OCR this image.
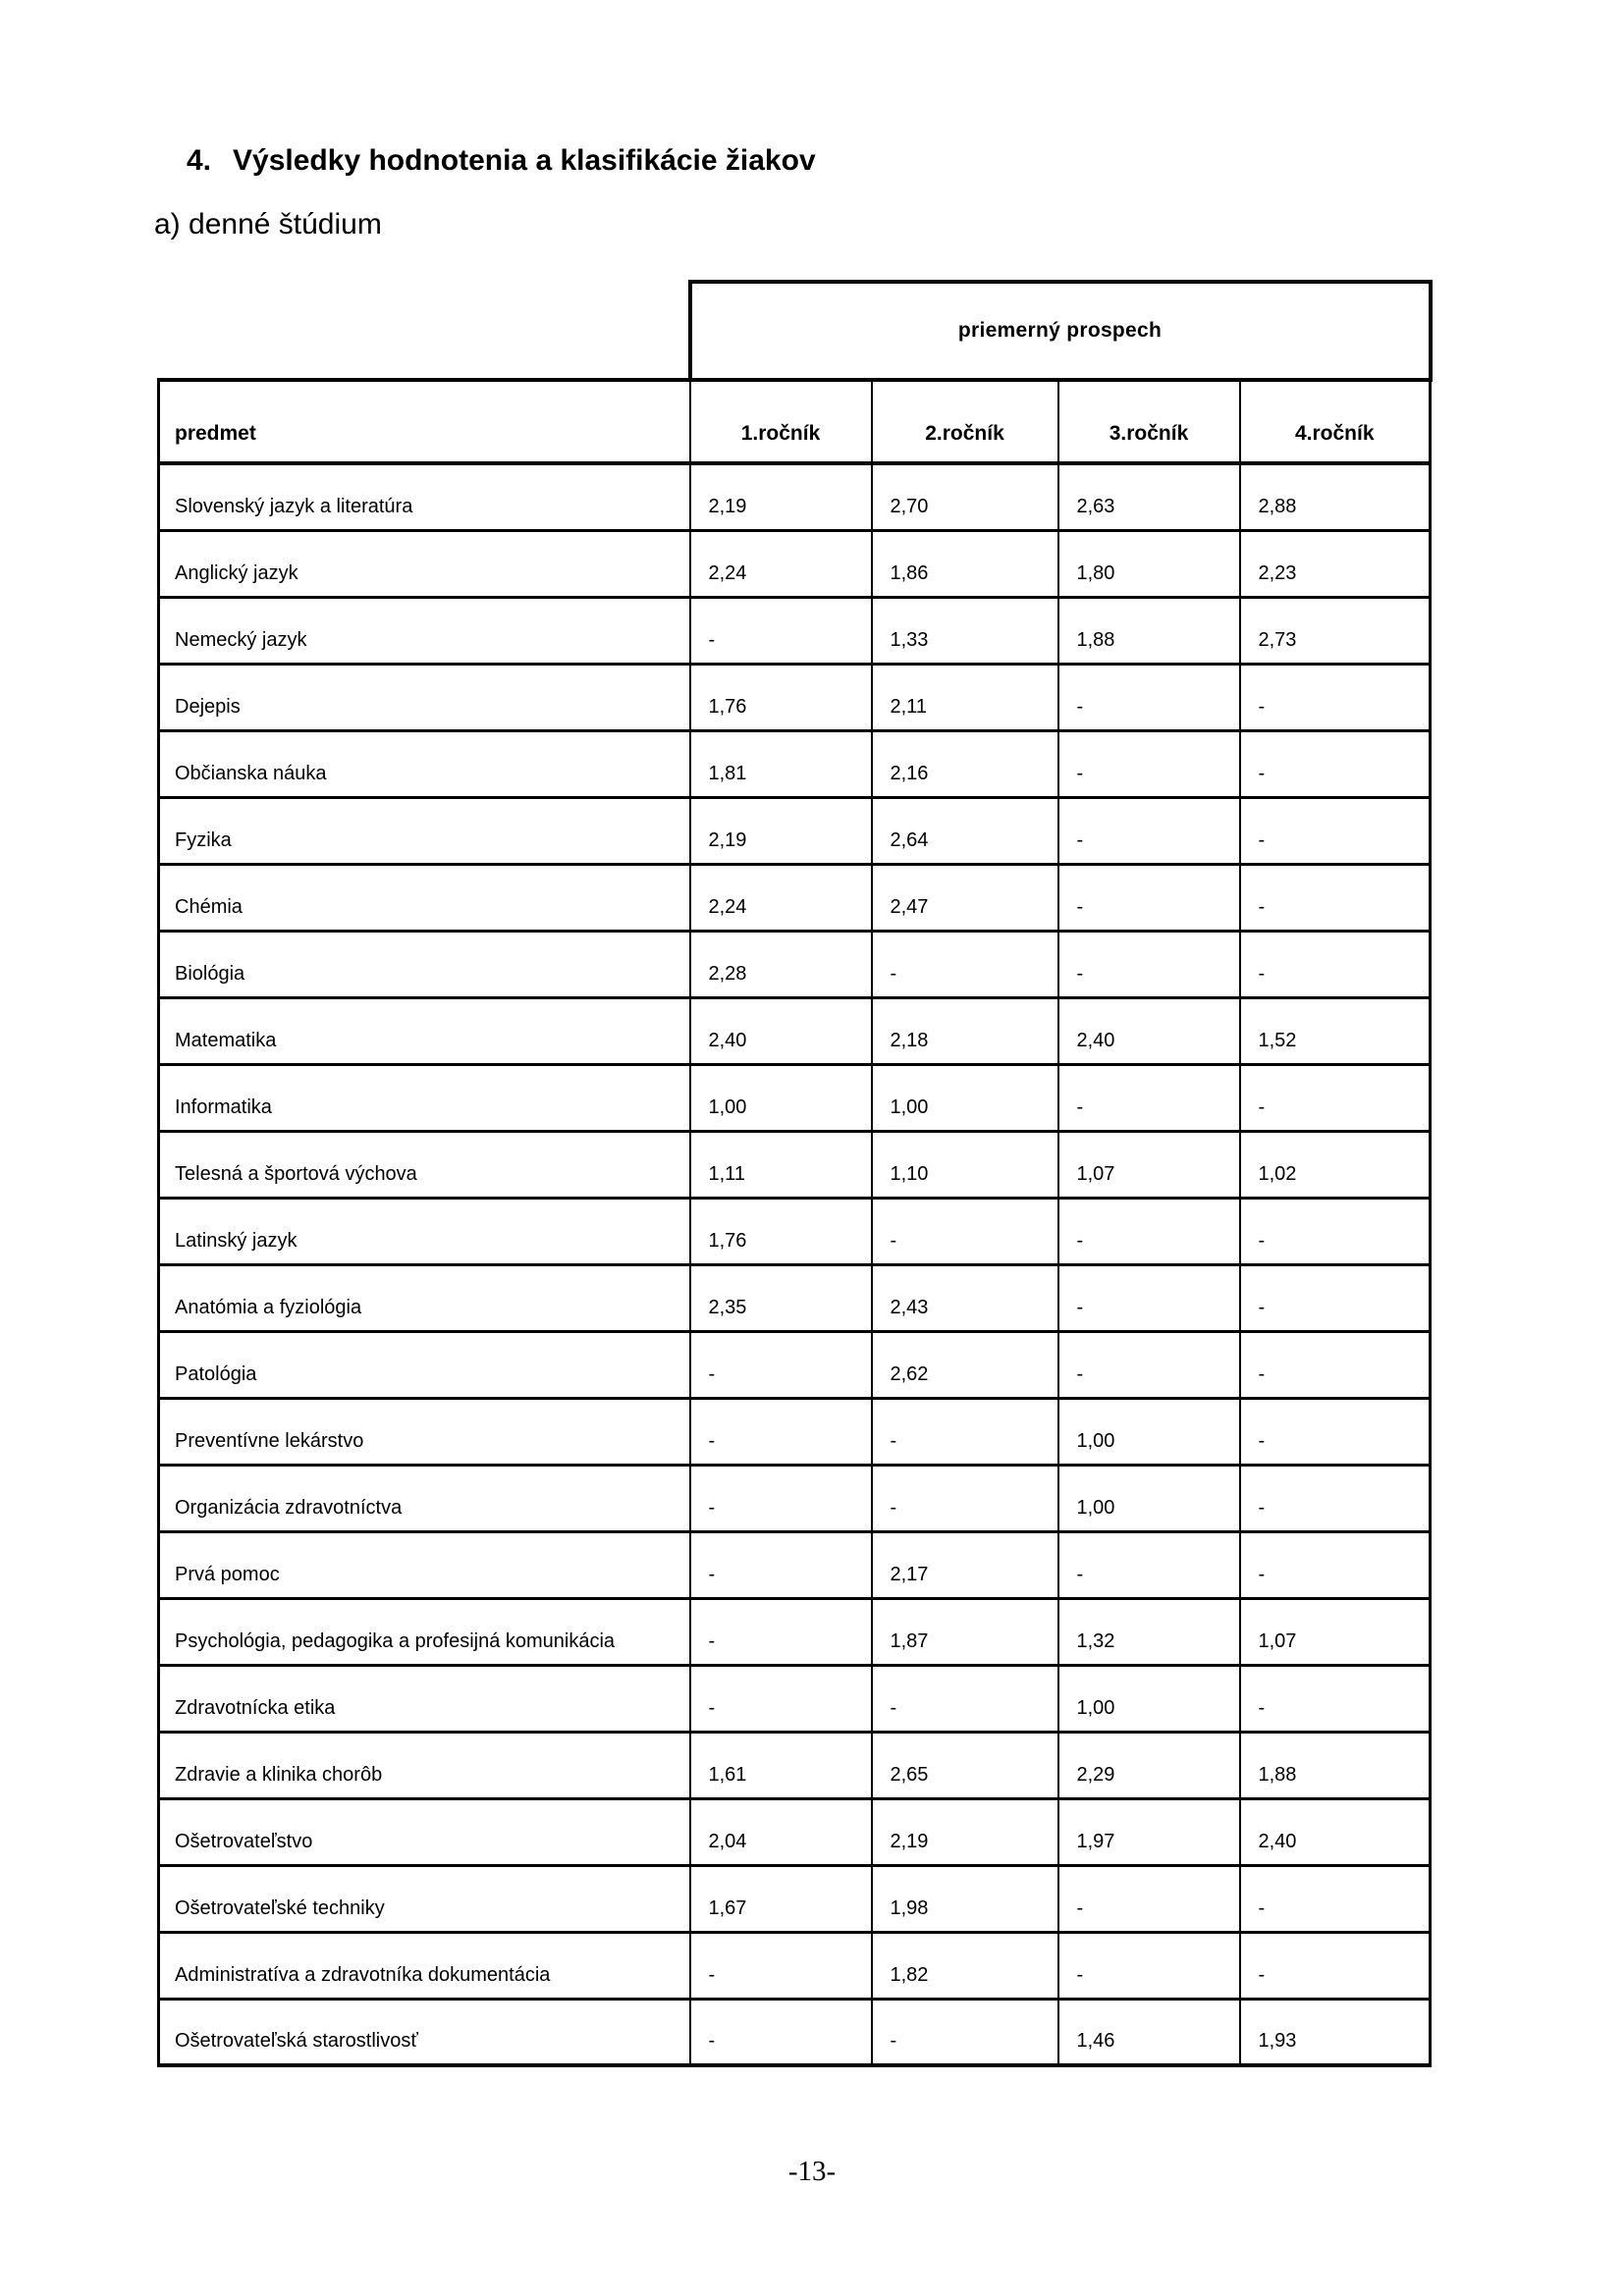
4. Výsledky hodnotenia a klasifikácie žiakov
a) denné štúdium
	priemerný prospech			
predmet	1.ročník	2.ročník	3.ročník	4.ročník
Slovenský jazyk a literatúra	2,19	2,70	2,63	2,88
Anglický jazyk	2,24	1,86	1,80	2,23
Nemecký jazyk	-	1,33	1,88	2,73
Dejepis	1,76	2,11	-	-
Občianska náuka	1,81	2,16	-	-
Fyzika	2,19	2,64	-	-
Chémia	2,24	2,47	-	-
Biológia	2,28	-	-	-
Matematika	2,40	2,18	2,40	1,52
Informatika	1,00	1,00	-	-
Telesná a športová výchova	1,11	1,10	1,07	1,02
Latinský jazyk	1,76	-	-	-
Anatómia a fyziológia	2,35	2,43	-	-
Patológia	-	2,62	-	-
Preventívne lekárstvo	-	-	1,00	-
Organizácia zdravotníctva	-	-	1,00	-
Prvá pomoc	-	2,17	-	-
Psychológia, pedagogika a profesijná komunikácia	-	1,87	1,32	1,07
Zdravotnícka etika	-	-	1,00	-
Zdravie a klinika chorôb	1,61	2,65	2,29	1,88
Ošetrovateľstvo	2,04	2,19	1,97	2,40
Ošetrovateľské techniky	1,67	1,98	-	-
Administratíva a zdravotníka dokumentácia	-	1,82	-	-
Ošetrovateľská starostlivosť	-	-	1,46	1,93
-13-
